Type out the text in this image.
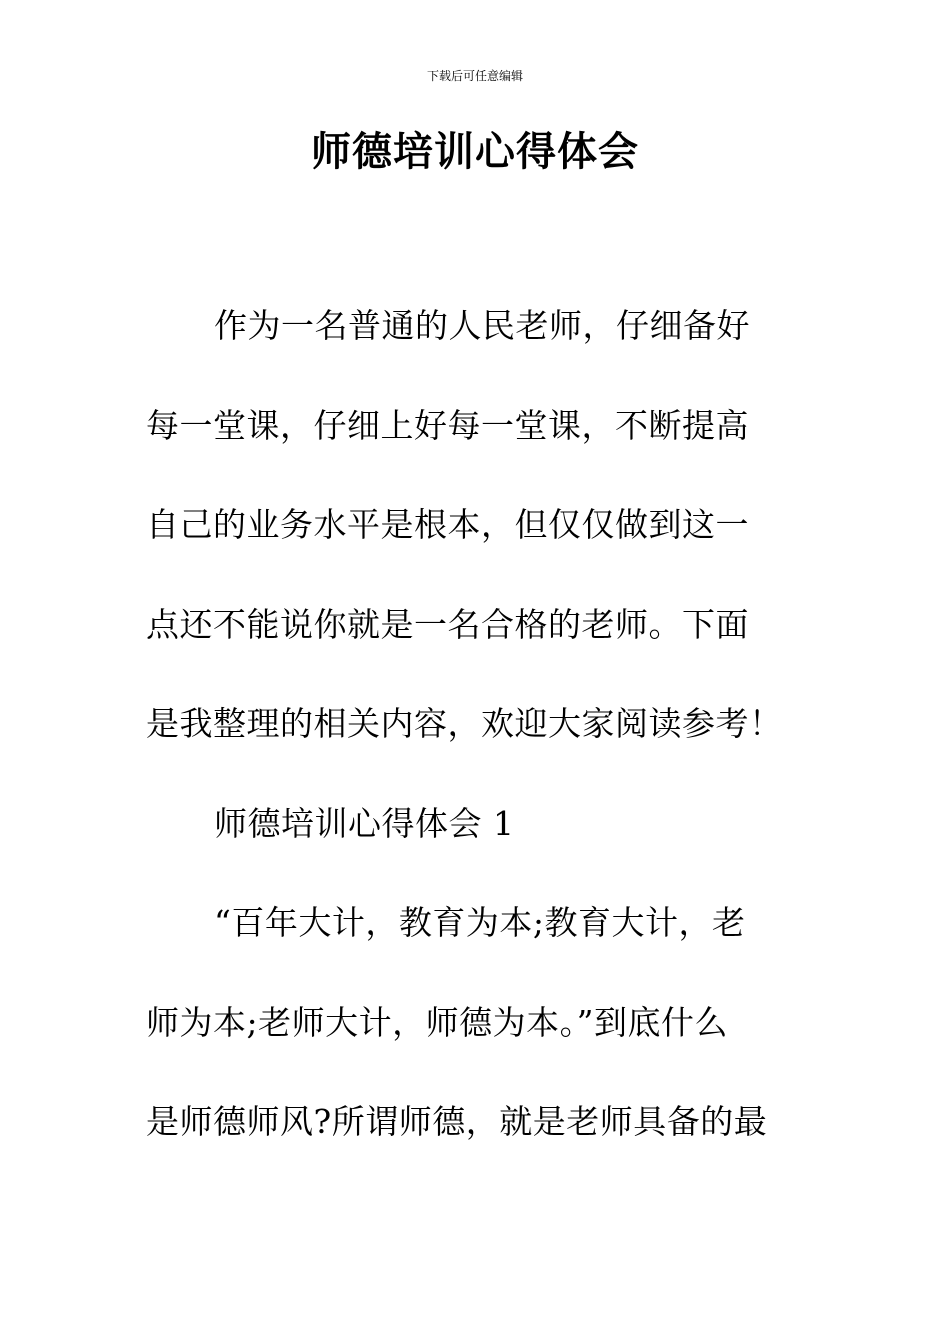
下载后可任意编辑
师德培训心得体会
作为一名普通的人民老师，仔细备好
每一堂课，仔细上好每一堂课，不断提高
自己的业务水平是根本，但仅仅做到这一
点还不能说你就是一名合格的老师。下面
是我整理的相关内容，欢迎大家阅读参考！
师德培训心得体会 1
“百年大计，教育为本;教育大计，老
师为本;老师大计，师德为本。”到底什么
是师德师风?所谓师德，就是老师具备的最
